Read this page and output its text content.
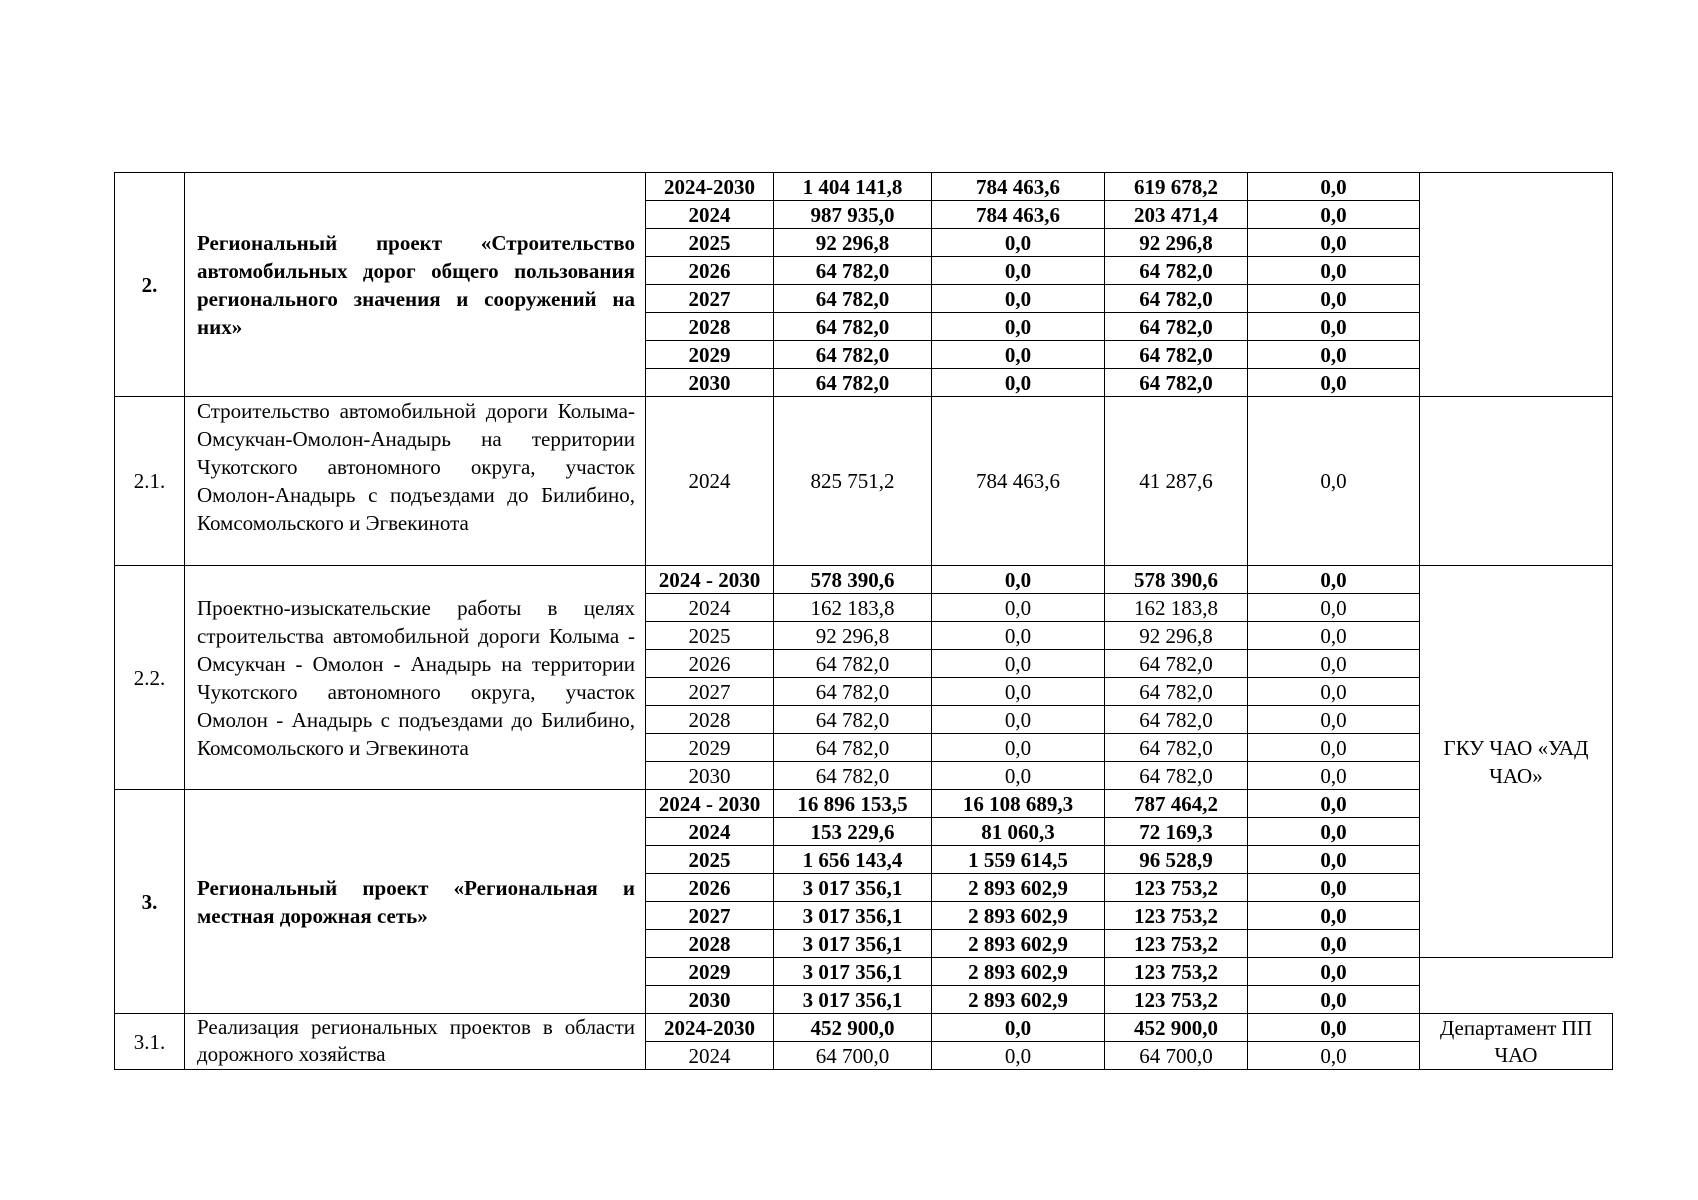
2.	Региональный проект «Строительство автомобильных дорог общего пользования регионального значения и сооружений на них»	2024-2030	1 404 141,8	784 463,6	619 678,2	0,0	
		2024	987 935,0	784 463,6	203 471,4	0,0	
		2025	92 296,8	0,0	92 296,8	0,0	
		2026	64 782,0	0,0	64 782,0	0,0	
		2027	64 782,0	0,0	64 782,0	0,0	
		2028	64 782,0	0,0	64 782,0	0,0	
		2029	64 782,0	0,0	64 782,0	0,0	
		2030	64 782,0	0,0	64 782,0	0,0	
2.1.	Строительство автомобильной дороги Колыма-Омсукчан-Омолон-Анадырь на территории Чукотского автономного округа, участок Омолон-Анадырь с подъездами до Билибино, Комсомольского и Эгвекинота	2024	825 751,2	784 463,6	41 287,6	0,0	
2.2.	Проектно-изыскательские работы в целях строительства автомобильной дороги Колыма - Омсукчан - Омолон - Анадырь на территории Чукотского автономного округа, участок Омолон - Анадырь с подъездами до Билибино, Комсомольского и Эгвекинота	2024 - 2030	578 390,6	0,0	578 390,6	0,0	ГКУ ЧАО «УАД ЧАО»
		2024	162 183,8	0,0	162 183,8	0,0	
		2025	92 296,8	0,0	92 296,8	0,0	
		2026	64 782,0	0,0	64 782,0	0,0	
		2027	64 782,0	0,0	64 782,0	0,0	
		2028	64 782,0	0,0	64 782,0	0,0	
		2029	64 782,0	0,0	64 782,0	0,0	
		2030	64 782,0	0,0	64 782,0	0,0	
3.	Региональный проект «Региональная и местная дорожная сеть»	2024 - 2030	16 896 153,5	16 108 689,3	787 464,2	0,0	
		2024	153 229,6	81 060,3	72 169,3	0,0	
		2025	1 656 143,4	1 559 614,5	96 528,9	0,0	
		2026	3 017 356,1	2 893 602,9	123 753,2	0,0	
		2027	3 017 356,1	2 893 602,9	123 753,2	0,0	
		2028	3 017 356,1	2 893 602,9	123 753,2	0,0	
		2029	3 017 356,1	2 893 602,9	123 753,2	0,0	
		2030	3 017 356,1	2 893 602,9	123 753,2	0,0	
3.1.	Реализация региональных проектов в области дорожного хозяйства	2024-2030	452 900,0	0,0	452 900,0	0,0	Департамент ПП ЧАО
		2024	64 700,0	0,0	64 700,0	0,0	
